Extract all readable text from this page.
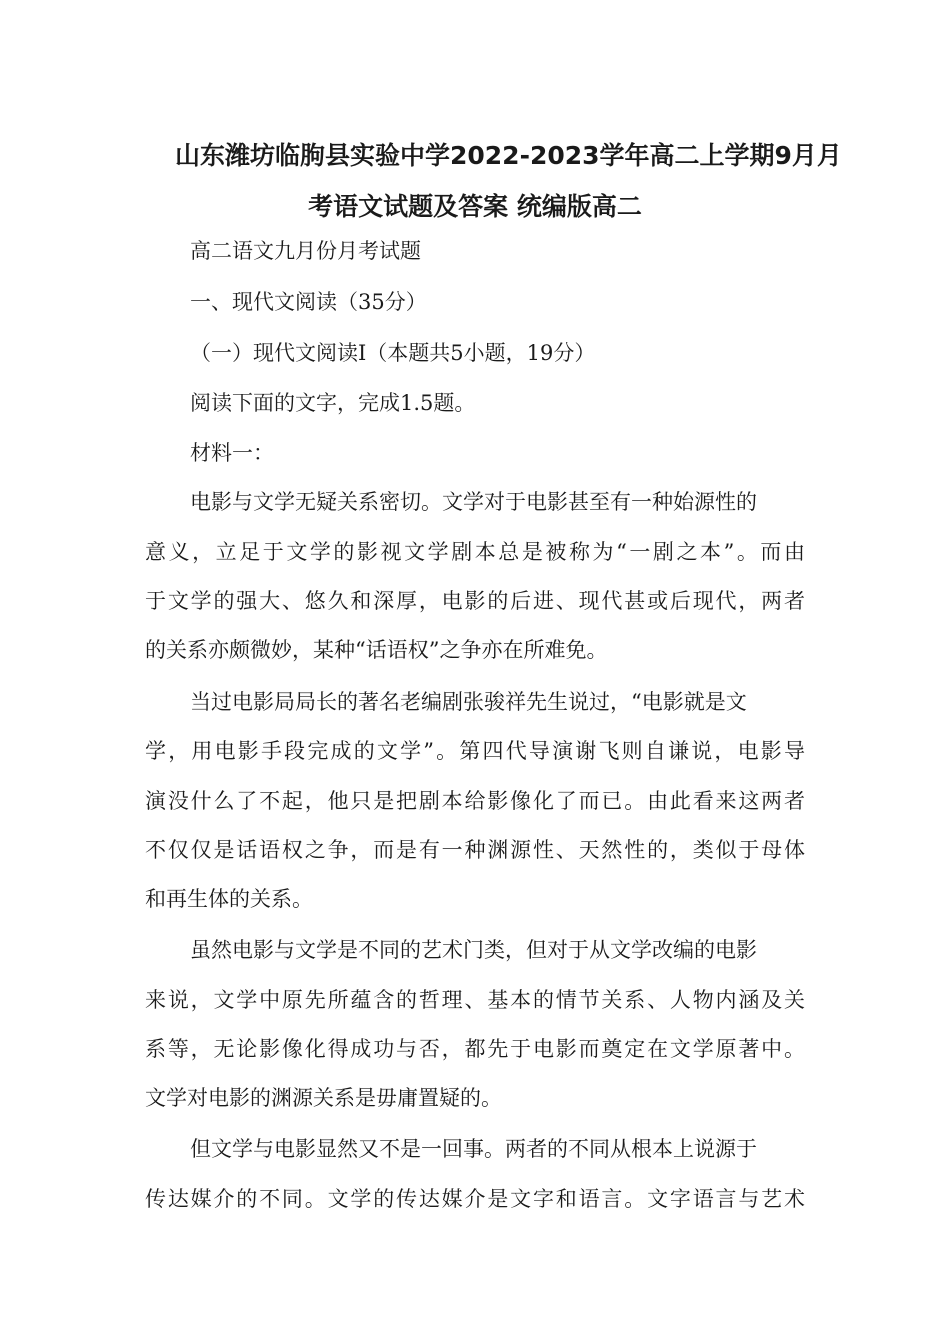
山东潍坊临朐县实验中学2022-2023学年高二上学期9月月
考语文试题及答案 统编版高二
高二语文九月份月考试题
一、现代文阅读（35分）
（一）现代文阅读Ⅰ（本题共5小题，19分）
阅读下面的文字，完成1.5题。
材料一：
电影与文学无疑关系密切。文学对于电影甚至有一种始源性的
意义，立足于文学的影视文学剧本总是被称为“一剧之本”。而由
于文学的强大、悠久和深厚，电影的后进、现代甚或后现代，两者
的关系亦颇微妙，某种“话语权”之争亦在所难免。
当过电影局局长的著名老编剧张骏祥先生说过，“电影就是文
学，用电影手段完成的文学”。第四代导演谢飞则自谦说，电影导
演没什么了不起，他只是把剧本给影像化了而已。由此看来这两者
不仅仅是话语权之争，而是有一种渊源性、天然性的，类似于母体
和再生体的关系。
虽然电影与文学是不同的艺术门类，但对于从文学改编的电影
来说，文学中原先所蕴含的哲理、基本的情节关系、人物内涵及关
系等，无论影像化得成功与否，都先于电影而奠定在文学原著中。
文学对电影的渊源关系是毋庸置疑的。
但文学与电影显然又不是一回事。两者的不同从根本上说源于
传达媒介的不同。文学的传达媒介是文字和语言。文字语言与艺术
